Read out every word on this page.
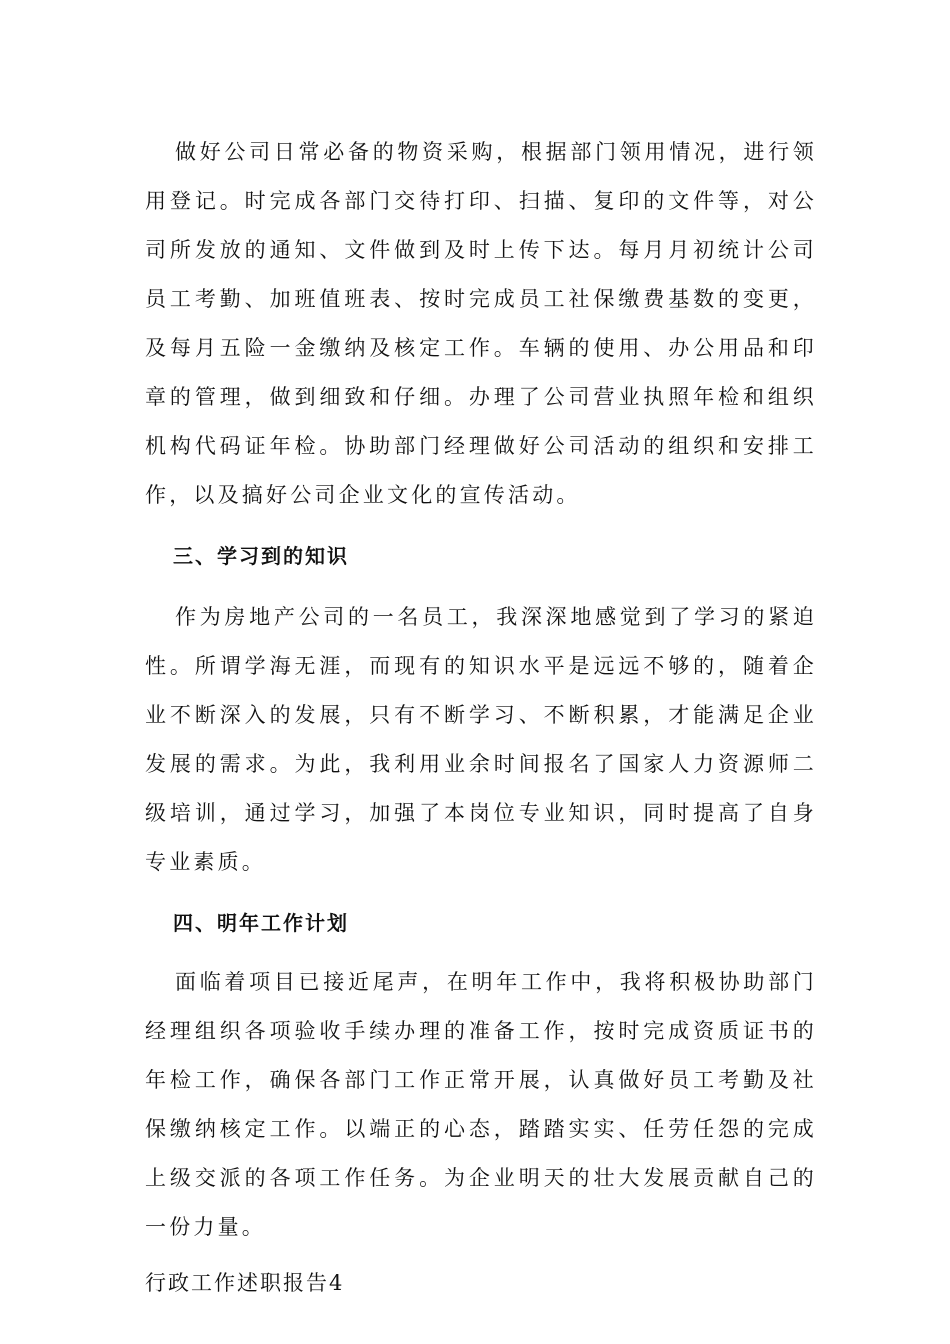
做好公司日常必备的物资采购，根据部门领用情况，进行领用登记。时完成各部门交待打印、扫描、复印的文件等，对公司所发放的通知、文件做到及时上传下达。每月月初统计公司员工考勤、加班值班表、按时完成员工社保缴费基数的变更，及每月五险一金缴纳及核定工作。车辆的使用、办公用品和印章的管理，做到细致和仔细。办理了公司营业执照年检和组织机构代码证年检。协助部门经理做好公司活动的组织和安排工作，以及搞好公司企业文化的宣传活动。

三、学习到的知识

作为房地产公司的一名员工，我深深地感觉到了学习的紧迫性。所谓学海无涯，而现有的知识水平是远远不够的，随着企业不断深入的发展，只有不断学习、不断积累，才能满足企业发展的需求。为此，我利用业余时间报名了国家人力资源师二级培训，通过学习，加强了本岗位专业知识，同时提高了自身专业素质。

四、明年工作计划

面临着项目已接近尾声，在明年工作中，我将积极协助部门经理组织各项验收手续办理的准备工作，按时完成资质证书的年检工作，确保各部门工作正常开展，认真做好员工考勤及社保缴纳核定工作。以端正的心态，踏踏实实、任劳任怨的完成上级交派的各项工作任务。为企业明天的壮大发展贡献自己的一份力量。

行政工作述职报告4
